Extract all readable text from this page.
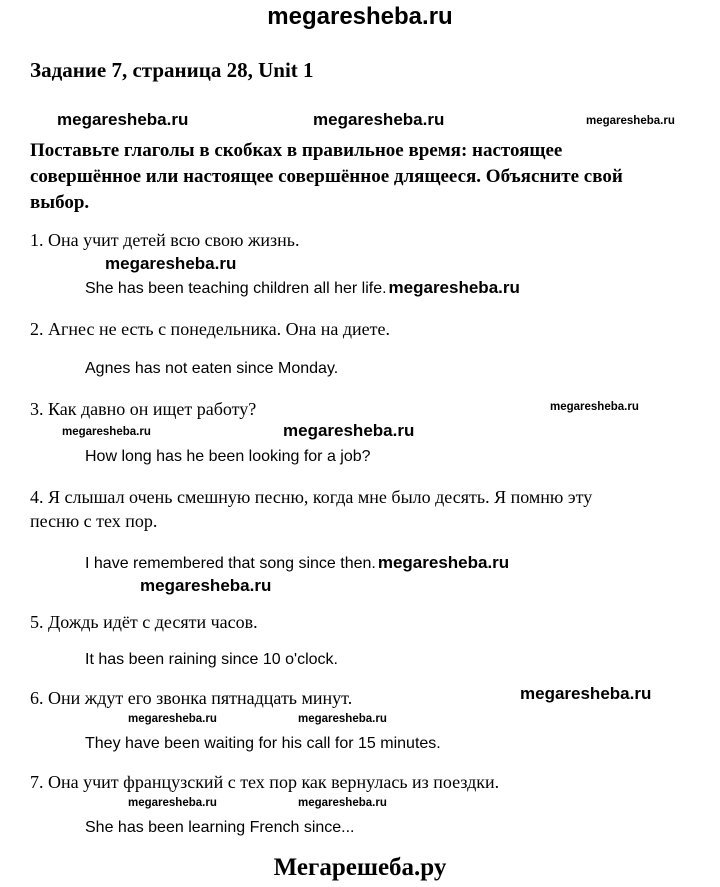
megaresheba.ru
Задание 7, страница 28, Unit 1
megaresheba.ru	megaresheba.ru	megaresheba.ru
Поставьте глаголы в скобках в правильное время: настоящее
совершённое или настоящее совершённое длящееся. Объясните свой
выбор.
1. Она учит детей всю свою жизнь.
megaresheba.ru
She has been teaching children all her life. megaresheba.ru
2. Агнес не есть с понедельника. Она на диете.
Agnes has not eaten since Monday.
3. Как давно он ищет работу?	megaresheba.ru
megaresheba.ru	megaresheba.ru
How long has he been looking for a job?
4. Я слышал очень смешную песню, когда мне было десять. Я помню эту
песню с тех пор.
I have remembered that song since then. megaresheba.ru
megaresheba.ru
5. Дождь идёт с десяти часов.
It has been raining since 10 o'clock.
6. Они ждут его звонка пятнадцать минут.	megaresheba.ru
megaresheba.ru	megaresheba.ru
They have been waiting for his call for 15 minutes.
7. Она учит французский с тех пор как вернулась из поездки.
megaresheba.ru	megaresheba.ru
She has been learning French since...
Мегарешеба.ру
